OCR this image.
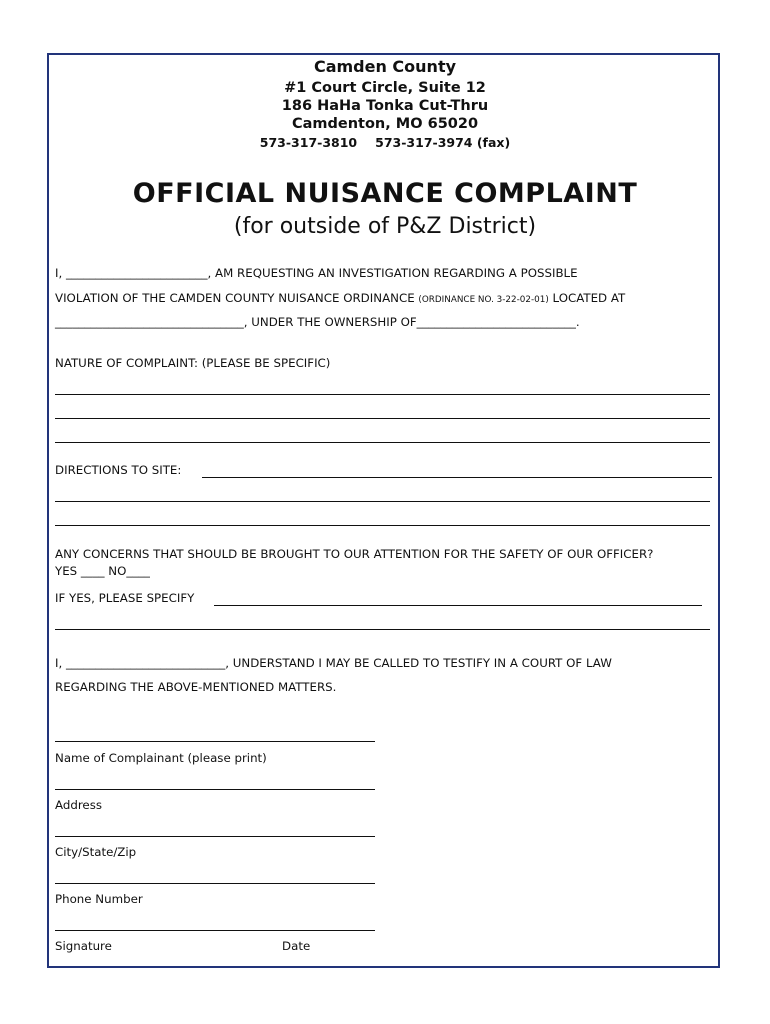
Camden County
#1 Court Circle, Suite 12
186 HaHa Tonka Cut-Thru
Camdenton, MO 65020
573-317-3810 573-317-3974 (fax)
OFFICIAL NUISANCE COMPLAINT
(for outside of P&Z District)
I, ________________________, AM REQUESTING AN INVESTIGATION REGARDING A POSSIBLE
VIOLATION OF THE CAMDEN COUNTY NUISANCE ORDINANCE (ORDINANCE NO. 3-22-02-01) LOCATED AT
________________________________, UNDER THE OWNERSHIP OF___________________________.
NATURE OF COMPLAINT: (PLEASE BE SPECIFIC)
DIRECTIONS TO SITE:
ANY CONCERNS THAT SHOULD BE BROUGHT TO OUR ATTENTION FOR THE SAFETY OF OUR OFFICER?
YES ____ NO____
IF YES, PLEASE SPECIFY
I, ___________________________, UNDERSTAND I MAY BE CALLED TO TESTIFY IN A COURT OF LAW
REGARDING THE ABOVE-MENTIONED MATTERS.
Name of Complainant (please print)
Address
City/State/Zip
Phone Number
Signature	Date
